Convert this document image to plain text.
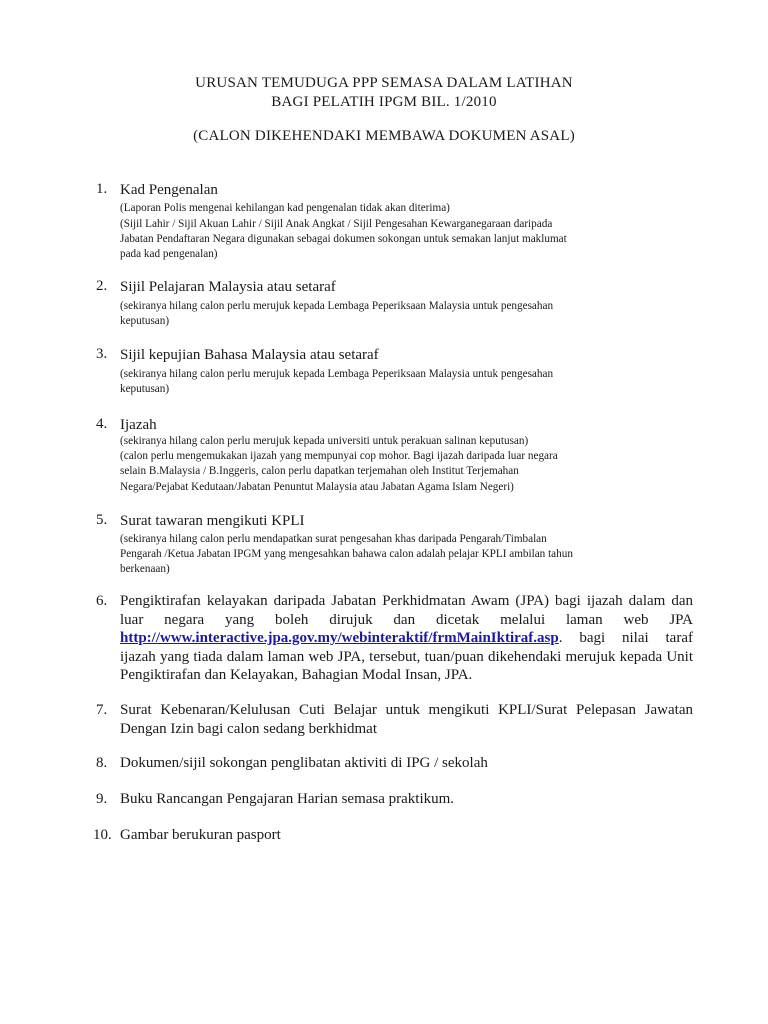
URUSAN TEMUDUGA PPP SEMASA DALAM LATIHAN
BAGI PELATIH IPGM BIL. 1/2010
(CALON DIKEHENDAKI MEMBAWA DOKUMEN ASAL)
1. Kad Pengenalan
(Laporan Polis mengenai kehilangan kad pengenalan tidak akan diterima)
(Sijil Lahir / Sijil Akuan Lahir / Sijil Anak Angkat / Sijil Pengesahan Kewarganegaraan daripada
Jabatan Pendaftaran Negara digunakan sebagai dokumen sokongan untuk semakan lanjut maklumat
pada kad pengenalan)
2. Sijil Pelajaran Malaysia atau setaraf
(sekiranya hilang calon perlu merujuk kepada Lembaga Peperiksaan Malaysia untuk pengesahan
keputusan)
3. Sijil kepujian Bahasa Malaysia atau setaraf
(sekiranya hilang calon perlu merujuk kepada Lembaga Peperiksaan Malaysia untuk pengesahan
keputusan)
4. Ijazah
(sekiranya hilang calon perlu merujuk kepada universiti untuk perakuan salinan keputusan)
(calon perlu mengemukakan ijazah yang mempunyai cop mohor. Bagi ijazah daripada luar negara
selain B.Malaysia / B.Inggeris, calon perlu dapatkan terjemahan oleh Institut Terjemahan
Negara/Pejabat Kedutaan/Jabatan Penuntut Malaysia atau Jabatan Agama Islam Negeri)
5. Surat tawaran mengikuti KPLI
(sekiranya hilang calon perlu mendapatkan surat pengesahan khas daripada Pengarah/Timbalan
Pengarah /Ketua Jabatan IPGM yang mengesahkan bahawa calon adalah pelajar KPLI ambilan tahun
berkenaan)
6. Pengiktirafan kelayakan daripada Jabatan Perkhidmatan Awam (JPA) bagi ijazah dalam dan luar negara yang boleh dirujuk dan dicetak melalui laman web JPA http://www.interactive.jpa.gov.my/webinteraktif/frmMainIktiraf.asp. bagi nilai taraf ijazah yang tiada dalam laman web JPA, tersebut, tuan/puan dikehendaki merujuk kepada Unit Pengiktirafan dan Kelayakan, Bahagian Modal Insan, JPA.
7. Surat Kebenaran/Kelulusan Cuti Belajar untuk mengikuti KPLI/Surat Pelepasan Jawatan Dengan Izin bagi calon sedang berkhidmat
8. Dokumen/sijil sokongan penglibatan aktiviti di IPG / sekolah
9. Buku Rancangan Pengajaran Harian semasa praktikum.
10. Gambar berukuran pasport
